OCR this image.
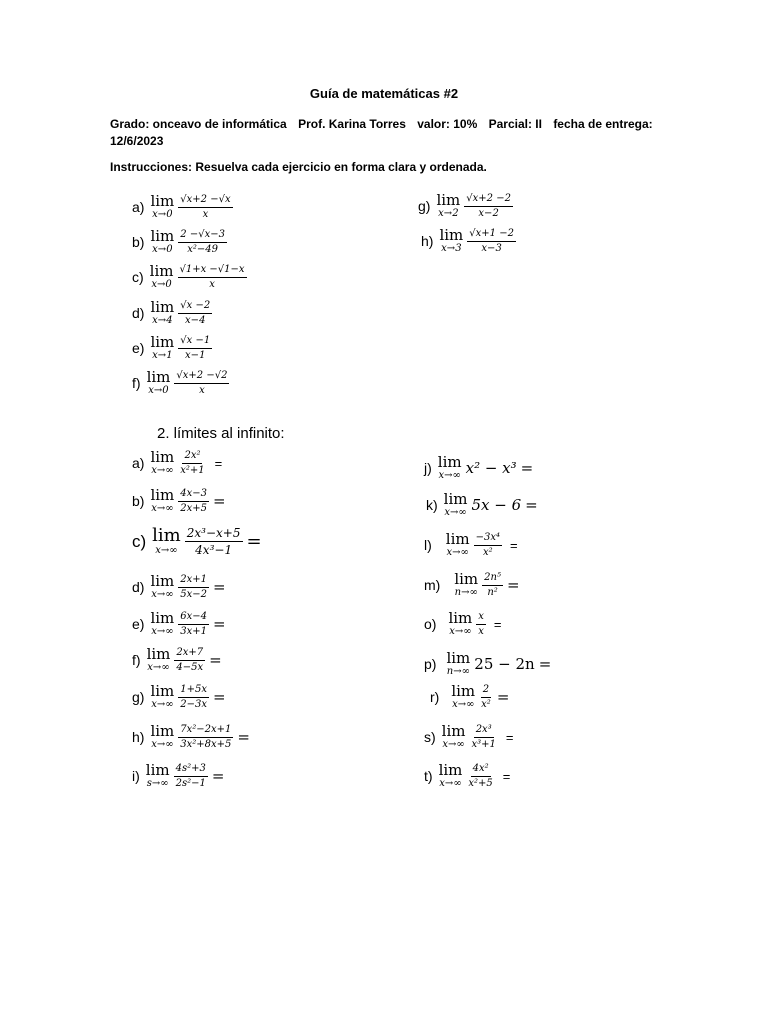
Guía de matemáticas #2
Grado: onceavo de informática Prof. Karina Torres valor: 10% Parcial: II fecha de entrega:
12/6/2023
Instrucciones: Resuelva cada ejercicio en forma clara y ordenada.
a) lim
$x\to 0 \frac{√x+2 -√x}{x}$
b) lim
$x\to 0 \frac{2 -√x-3}{\text{x²−49}}$
c) lim
$x\to 0 \frac{√1+x -√1-x}{x}$
d) lim
$x\to 4 \frac{√x -2}{x-4}$
e) lim
$x\to 1 \frac{√x -1}{x-1}$
f) lim
$x\to 0 \frac{√x+2 -√2}{x}$
g) lim
$x\to 2 \frac{√x+2 -2}{x-2}$
h) lim
$x\to 3 \frac{√x+1 -2}{x-3}$
2. límites al infinito:
a) lim
$x\to\infty \frac{\text{2x²}}{\text{x²+1}}$ =
b) lim
$x\to\infty \frac{4x-3}{2x+5}$ =
c) lim
$x\to\infty \frac{\text{2x³−x+5}}{\text{4x³−1}}$ =
d) lim
$x\to\infty \frac{2x+1}{5x-2}$ =
e) lim
$x\to\infty \frac{6x-4}{3x+1}$ =
f) lim
$x\to\infty \frac{2x+7}{4-5x}$ =
g) lim
$x\to\infty \frac{1+5x}{2-3x}$ =
h) lim
$x\to\infty \frac{\text{7x²−2x+1}}{\text{3x²+8x+5}}$ =
i) lim
$s\to\infty \frac{\text{4s²+3}}{\text{2s²−1}}$ =
j) lim
x→∞ x² − x³ =
k) lim
x→∞ 5x − 6 =
l) lim
$x\to\infty \frac{\text{−3x⁴}}{\text{x²}}$ =
m) lim
$n\to\infty \frac{\text{2n⁵}}{\text{n²}}$ =
o) lim
$x\to\infty \frac{x}{x}$ =
p) lim
n→∞ 25 − 2n =
r) lim
$x\to\infty \frac{2}{\text{x²}}$ =
s) lim
$x\to\infty \frac{\text{2x³}}{\text{x³+1}}$ =
t) lim
$x\to\infty \frac{\text{4x²}}{\text{x²+5}}$ =
